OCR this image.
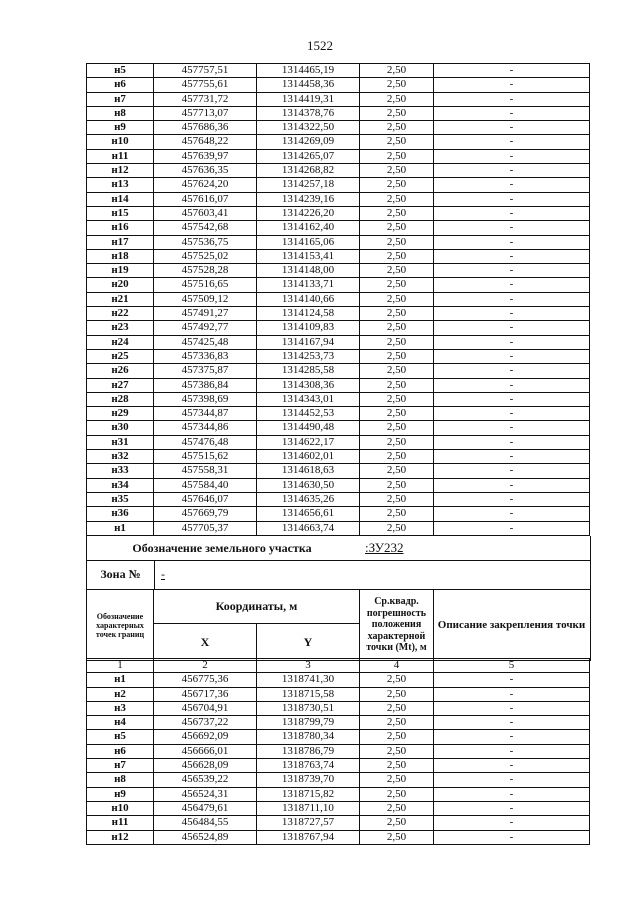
1522
н5	457757,51	1314465,19	2,50	-
н6	457755,61	1314458,36	2,50	-
н7	457731,72	1314419,31	2,50	-
н8	457713,07	1314378,76	2,50	-
н9	457686,36	1314322,50	2,50	-
н10	457648,22	1314269,09	2,50	-
н11	457639,97	1314265,07	2,50	-
н12	457636,35	1314268,82	2,50	-
н13	457624,20	1314257,18	2,50	-
н14	457616,07	1314239,16	2,50	-
н15	457603,41	1314226,20	2,50	-
н16	457542,68	1314162,40	2,50	-
н17	457536,75	1314165,06	2,50	-
н18	457525,02	1314153,41	2,50	-
н19	457528,28	1314148,00	2,50	-
н20	457516,65	1314133,71	2,50	-
н21	457509,12	1314140,66	2,50	-
н22	457491,27	1314124,58	2,50	-
н23	457492,77	1314109,83	2,50	-
н24	457425,48	1314167,94	2,50	-
н25	457336,83	1314253,73	2,50	-
н26	457375,87	1314285,58	2,50	-
н27	457386,84	1314308,36	2,50	-
н28	457398,69	1314343,01	2,50	-
н29	457344,87	1314452,53	2,50	-
н30	457344,86	1314490,48	2,50	-
н31	457476,48	1314622,17	2,50	-
н32	457515,62	1314602,01	2,50	-
н33	457558,31	1314618,63	2,50	-
н34	457584,40	1314630,50	2,50	-
н35	457646,07	1314635,26	2,50	-
н36	457669,79	1314656,61	2,50	-
н1	457705,37	1314663,74	2,50	-
Обозначение земельного участка	:ЗУ232
Зона №	-
Обозначение характерных точек границ
Координаты, м
X	Y
Ср.квадр. погрешность положения характерной точки (Mt), м
Описание закрепления точки
1	2	3	4	5
н1	456775,36	1318741,30	2,50	-
н2	456717,36	1318715,58	2,50	-
н3	456704,91	1318730,51	2,50	-
н4	456737,22	1318799,79	2,50	-
н5	456692,09	1318780,34	2,50	-
н6	456666,01	1318786,79	2,50	-
н7	456628,09	1318763,74	2,50	-
н8	456539,22	1318739,70	2,50	-
н9	456524,31	1318715,82	2,50	-
н10	456479,61	1318711,10	2,50	-
н11	456484,55	1318727,57	2,50	-
н12	456524,89	1318767,94	2,50	-
